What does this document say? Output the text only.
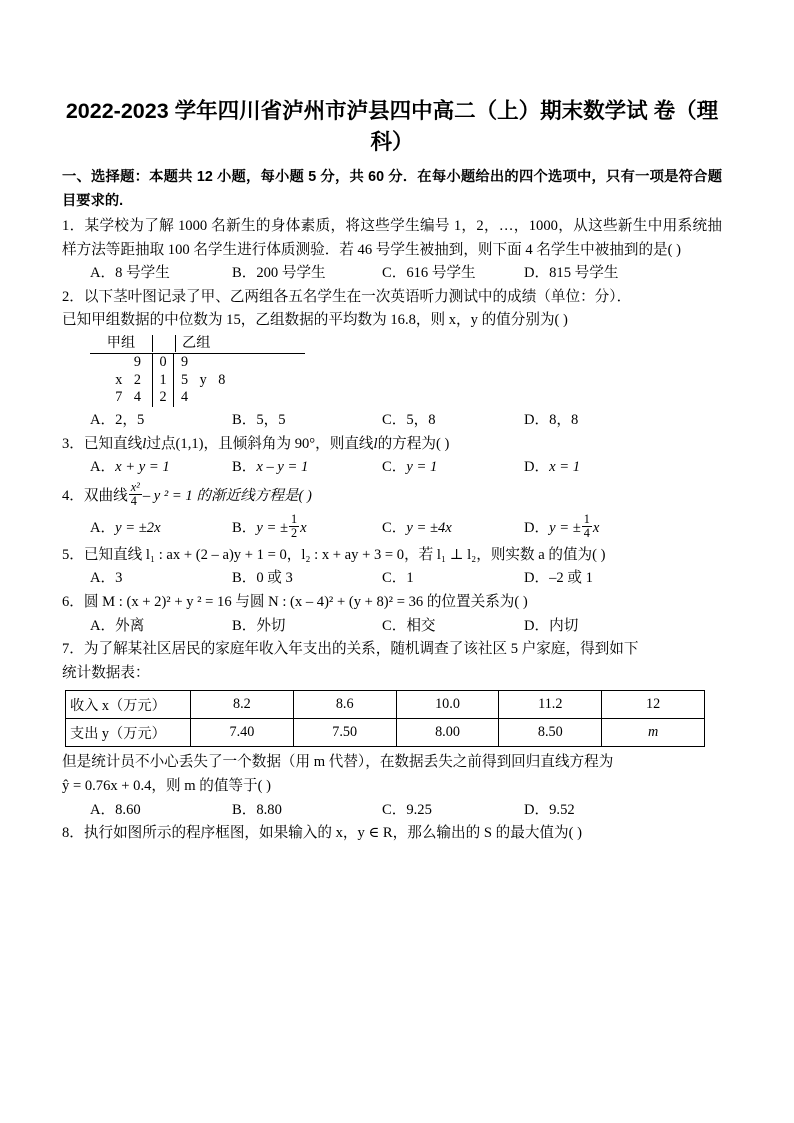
2022-2023 学年四川省泸州市泸县四中高二（上）期末数学试 卷（理科）
一、选择题：本题共 12 小题，每小题 5 分，共 60 分．在每小题给出的四个选项中，只有一项是符合题目要求的.
1．某学校为了解 1000 名新生的身体素质，将这些学生编号 1，2，…，1000，从这些新生中用系统抽样方法等距抽取 100 名学生进行体质测验．若 46 号学生被抽到，则下面 4 名学生中被抽到的是( )
A．8 号学生	B．200 号学生	C．616 号学生	D．815 号学生
2．以下茎叶图记录了甲、乙两组各五名学生在一次英语听力测试中的成绩（单位：分）．
已知甲组数据的中位数为 15，乙组数据的平均数为 16.8，则 x，y 的值分别为( )
甲组
	乙组
9	0	9
x 2	1	5 y 8
7 4	2	4
A．2，5	B．5，5	C．5，8	D．8，8
3．已知直线l过点(1,1)，且倾斜角为 90°，则直线l的方程为( )
A．x + y = 1	B．x – y = 1	C．y = 1	D．x = 1
4．双曲线 $\frac{\text{x²}}{4}$ – y ² = 1 的渐近线方程是( )
A．y = ±2x	B．y = ± $\frac{1}{2}$ x	C．y = ±4x	D．y = ± $\frac{1}{4}$ x
5．已知直线 l₁ : ax + (2 – a)y + 1 = 0，l₂ : x + ay + 3 = 0，若 l₁ ⊥ l₂，则实数 a 的值为( )
A．3	B．0 或 3	C．1	D．–2 或 1
6．圆 M : (x + 2)² + y ² = 16 与圆 N : (x – 4)² + (y + 8)² = 36 的位置关系为( )
A．外离	B．外切	C．相交	D．内切
7．为了解某社区居民的家庭年收入年支出的关系，随机调查了该社区 5 户家庭，得到如下
统计数据表：
收入 x（万元）	8.2	8.6	10.0	11.2	12
支出 y（万元）	7.40	7.50	8.00	8.50	m
但是统计员不小心丢失了一个数据（用 m 代替），在数据丢失之前得到回归直线方程为
ŷ = 0.76x + 0.4，则 m 的值等于( )
A．8.60	B．8.80	C．9.25	D．9.52
8．执行如图所示的程序框图，如果输入的 x，y ∈ R，那么输出的 S 的最大值为( )
